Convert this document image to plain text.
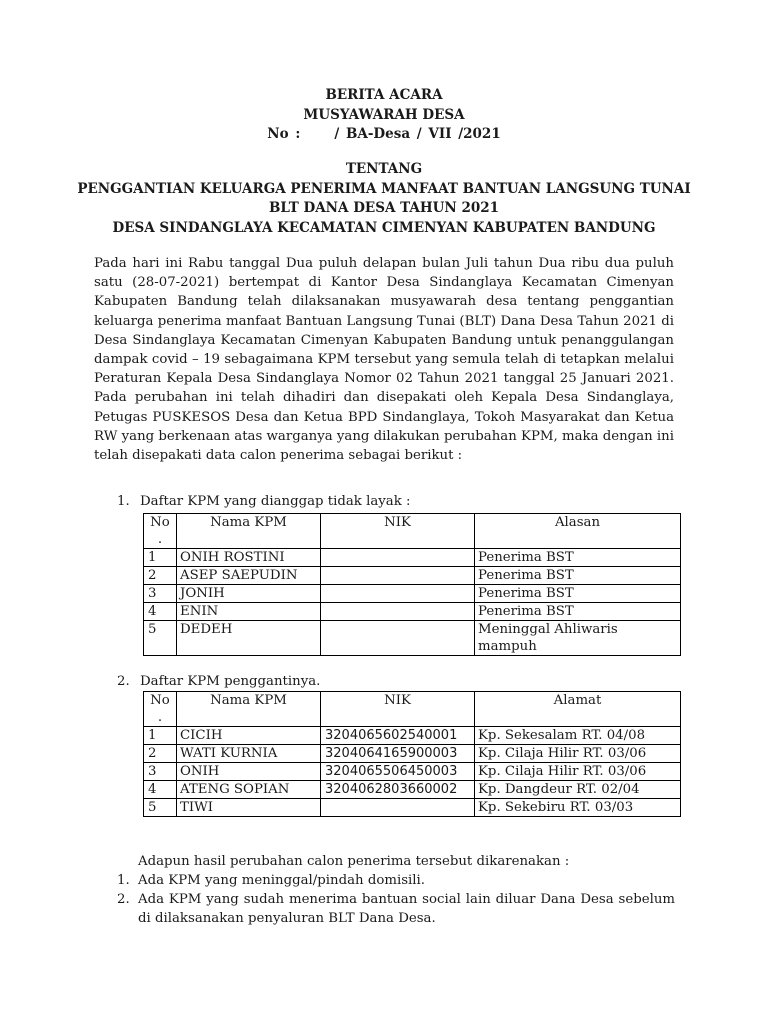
BERITA ACARA
MUSYAWARAH DESA
No :	/ BA-Desa / VII /2021
TENTANG
PENGGANTIAN KELUARGA PENERIMA MANFAAT BANTUAN LANGSUNG TUNAI
BLT DANA DESA TAHUN 2021
DESA SINDANGLAYA KECAMATAN CIMENYAN KABUPATEN BANDUNG
Pada hari ini Rabu tanggal Dua puluh delapan bulan Juli tahun Dua ribu dua puluh satu (28-07-2021) bertempat di Kantor Desa Sindanglaya Kecamatan Cimenyan Kabupaten Bandung telah dilaksanakan musyawarah desa tentang penggantian keluarga penerima manfaat Bantuan Langsung Tunai (BLT) Dana Desa Tahun 2021 di Desa Sindanglaya Kecamatan Cimenyan Kabupaten Bandung untuk penanggulangan dampak covid – 19 sebagaimana KPM tersebut yang semula telah di tetapkan melalui Peraturan Kepala Desa Sindanglaya Nomor 02 Tahun 2021 tanggal 25 Januari 2021. Pada perubahan ini telah dihadiri dan disepakati oleh Kepala Desa Sindanglaya, Petugas PUSKESOS Desa dan Ketua BPD Sindanglaya, Tokoh Masyarakat dan Ketua RW yang berkenaan atas warganya yang dilakukan perubahan KPM, maka dengan ini telah disepakati data calon penerima sebagai berikut :
1. Daftar KPM yang dianggap tidak layak :
No
.	Nama KPM	NIK	Alasan
1	ONIH ROSTINI		Penerima BST
2	ASEP SAEPUDIN		Penerima BST
3	JONIH		Penerima BST
4	ENIN		Penerima BST
5	DEDEH		Meninggal Ahliwaris mampuh
2. Daftar KPM penggantinya.
No
.	Nama KPM	NIK	Alamat
1	CICIH	3204065602540001	Kp. Sekesalam RT. 04/08
2	WATI KURNIA	3204064165900003	Kp. Cilaja Hilir RT. 03/06
3	ONIH	3204065506450003	Kp. Cilaja Hilir RT. 03/06
4	ATENG SOPIAN	3204062803660002	Kp. Dangdeur RT. 02/04
5	TIWI		Kp. Sekebiru RT. 03/03
Adapun hasil perubahan calon penerima tersebut dikarenakan :
1. Ada KPM yang meninggal/pindah domisili.
2. Ada KPM yang sudah menerima bantuan social lain diluar Dana Desa sebelum di dilaksanakan penyaluran BLT Dana Desa.
